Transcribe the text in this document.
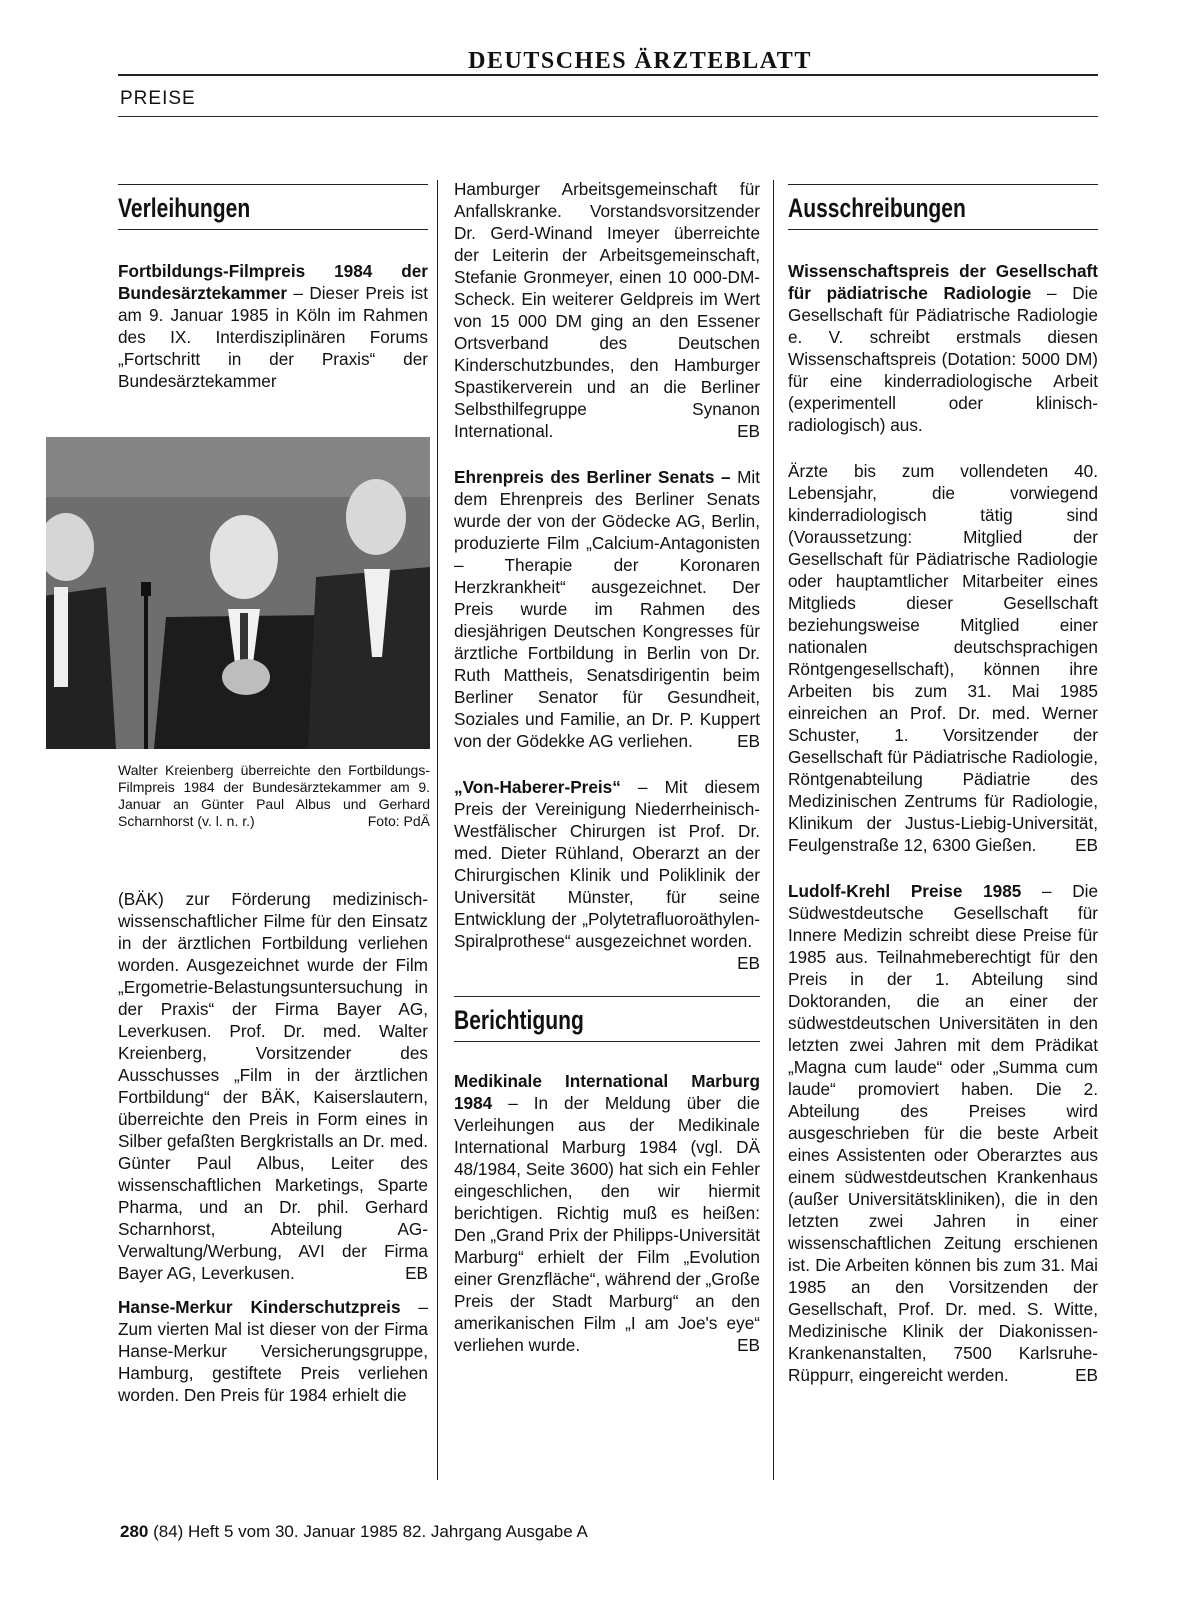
DEUTSCHES ÄRZTEBLATT
PREISE
Verleihungen

Fortbildungs-Filmpreis 1984 der Bundesärztekammer – Dieser Preis ist am 9. Januar 1985 in Köln im Rahmen des IX. Interdisziplinären Forums „Fortschritt in der Praxis“ der Bundesärztekammer

Walter Kreienberg überreichte den Fortbildungs-Filmpreis 1984 der Bundesärztekammer am 9. Januar an Günter Paul Albus und Gerhard Scharnhorst (v. l. n. r.)	Foto: PdÄ

(BÄK) zur Förderung medizinisch-wissenschaftlicher Filme für den Einsatz in der ärztlichen Fortbildung verliehen worden. Ausgezeichnet wurde der Film „Ergometrie-Belastungsuntersuchung in der Praxis“ der Firma Bayer AG, Leverkusen. Prof. Dr. med. Walter Kreienberg, Vorsitzender des Ausschusses „Film in der ärztlichen Fortbildung“ der BÄK, Kaiserslautern, überreichte den Preis in Form eines in Silber gefaßten Bergkristalls an Dr. med. Günter Paul Albus, Leiter des wissenschaftlichen Marketings, Sparte Pharma, und an Dr. phil. Gerhard Scharnhorst, Abteilung AG-Verwaltung/Werbung, AVI der Firma Bayer AG, Leverkusen.	EB

Hanse-Merkur Kinderschutzpreis – Zum vierten Mal ist dieser von der Firma Hanse-Merkur Versicherungsgruppe, Hamburg, gestiftete Preis verliehen worden. Den Preis für 1984 erhielt die

Hamburger Arbeitsgemeinschaft für Anfallskranke. Vorstandsvorsitzender Dr. Gerd-Winand Imeyer überreichte der Leiterin der Arbeitsgemeinschaft, Stefanie Gronmeyer, einen 10 000-DM-Scheck. Ein weiterer Geldpreis im Wert von 15 000 DM ging an den Essener Ortsverband des Deutschen Kinderschutzbundes, den Hamburger Spastikerverein und an die Berliner Selbsthilfegruppe Synanon International.	EB

Ehrenpreis des Berliner Senats – Mit dem Ehrenpreis des Berliner Senats wurde der von der Gödecke AG, Berlin, produzierte Film „Calcium-Antagonisten – Therapie der Koronaren Herzkrankheit“ ausgezeichnet. Der Preis wurde im Rahmen des diesjährigen Deutschen Kongresses für ärztliche Fortbildung in Berlin von Dr. Ruth Mattheis, Senatsdirigentin beim Berliner Senator für Gesundheit, Soziales und Familie, an Dr. P. Kuppert von der Gödekke AG verliehen.	EB

„Von-Haberer-Preis“ – Mit diesem Preis der Vereinigung Niederrheinisch-Westfälischer Chirurgen ist Prof. Dr. med. Dieter Rühland, Oberarzt an der Chirurgischen Klinik und Poliklinik der Universität Münster, für seine Entwicklung der „Polytetrafluoroäthylen-Spiralprothese“ ausgezeichnet worden.
EB

Berichtigung

Medikinale International Marburg 1984 – In der Meldung über die Verleihungen aus der Medikinale International Marburg 1984 (vgl. DÄ 48/1984, Seite 3600) hat sich ein Fehler eingeschlichen, den wir hiermit berichtigen. Richtig muß es heißen: Den „Grand Prix der Philipps-Universität Marburg“ erhielt der Film „Evolution einer Grenzfläche“, während der „Große Preis der Stadt Marburg“ an den amerikanischen Film „I am Joe's eye“ verliehen wurde.	EB

Ausschreibungen

Wissenschaftspreis der Gesellschaft für pädiatrische Radiologie – Die Gesellschaft für Pädiatrische Radiologie e. V. schreibt erstmals diesen Wissenschaftspreis (Dotation: 5000 DM) für eine kinderradiologische Arbeit (experimentell oder klinisch-radiologisch) aus.

Ärzte bis zum vollendeten 40. Lebensjahr, die vorwiegend kinderradiologisch tätig sind (Voraussetzung: Mitglied der Gesellschaft für Pädiatrische Radiologie oder hauptamtlicher Mitarbeiter eines Mitglieds dieser Gesellschaft beziehungsweise Mitglied einer nationalen deutschsprachigen Röntgengesellschaft), können ihre Arbeiten bis zum 31. Mai 1985 einreichen an Prof. Dr. med. Werner Schuster, 1. Vorsitzender der Gesellschaft für Pädiatrische Radiologie, Röntgenabteilung Pädiatrie des Medizinischen Zentrums für Radiologie, Klinikum der Justus-Liebig-Universität, Feulgenstraße 12, 6300 Gießen. EB

Ludolf-Krehl Preise 1985 – Die Südwestdeutsche Gesellschaft für Innere Medizin schreibt diese Preise für 1985 aus. Teilnahmeberechtigt für den Preis in der 1. Abteilung sind Doktoranden, die an einer der südwestdeutschen Universitäten in den letzten zwei Jahren mit dem Prädikat „Magna cum laude“ oder „Summa cum laude“ promoviert haben. Die 2. Abteilung des Preises wird ausgeschrieben für die beste Arbeit eines Assistenten oder Oberarztes aus einem südwestdeutschen Krankenhaus (außer Universitätskliniken), die in den letzten zwei Jahren in einer wissenschaftlichen Zeitung erschienen ist. Die Arbeiten können bis zum 31. Mai 1985 an den Vorsitzenden der Gesellschaft, Prof. Dr. med. S. Witte, Medizinische Klinik der Diakonissen-Krankenanstalten, 7500 Karlsruhe-Rüppurr, eingereicht werden.	EB

280 (84) Heft 5 vom 30. Januar 1985 82. Jahrgang Ausgabe A
